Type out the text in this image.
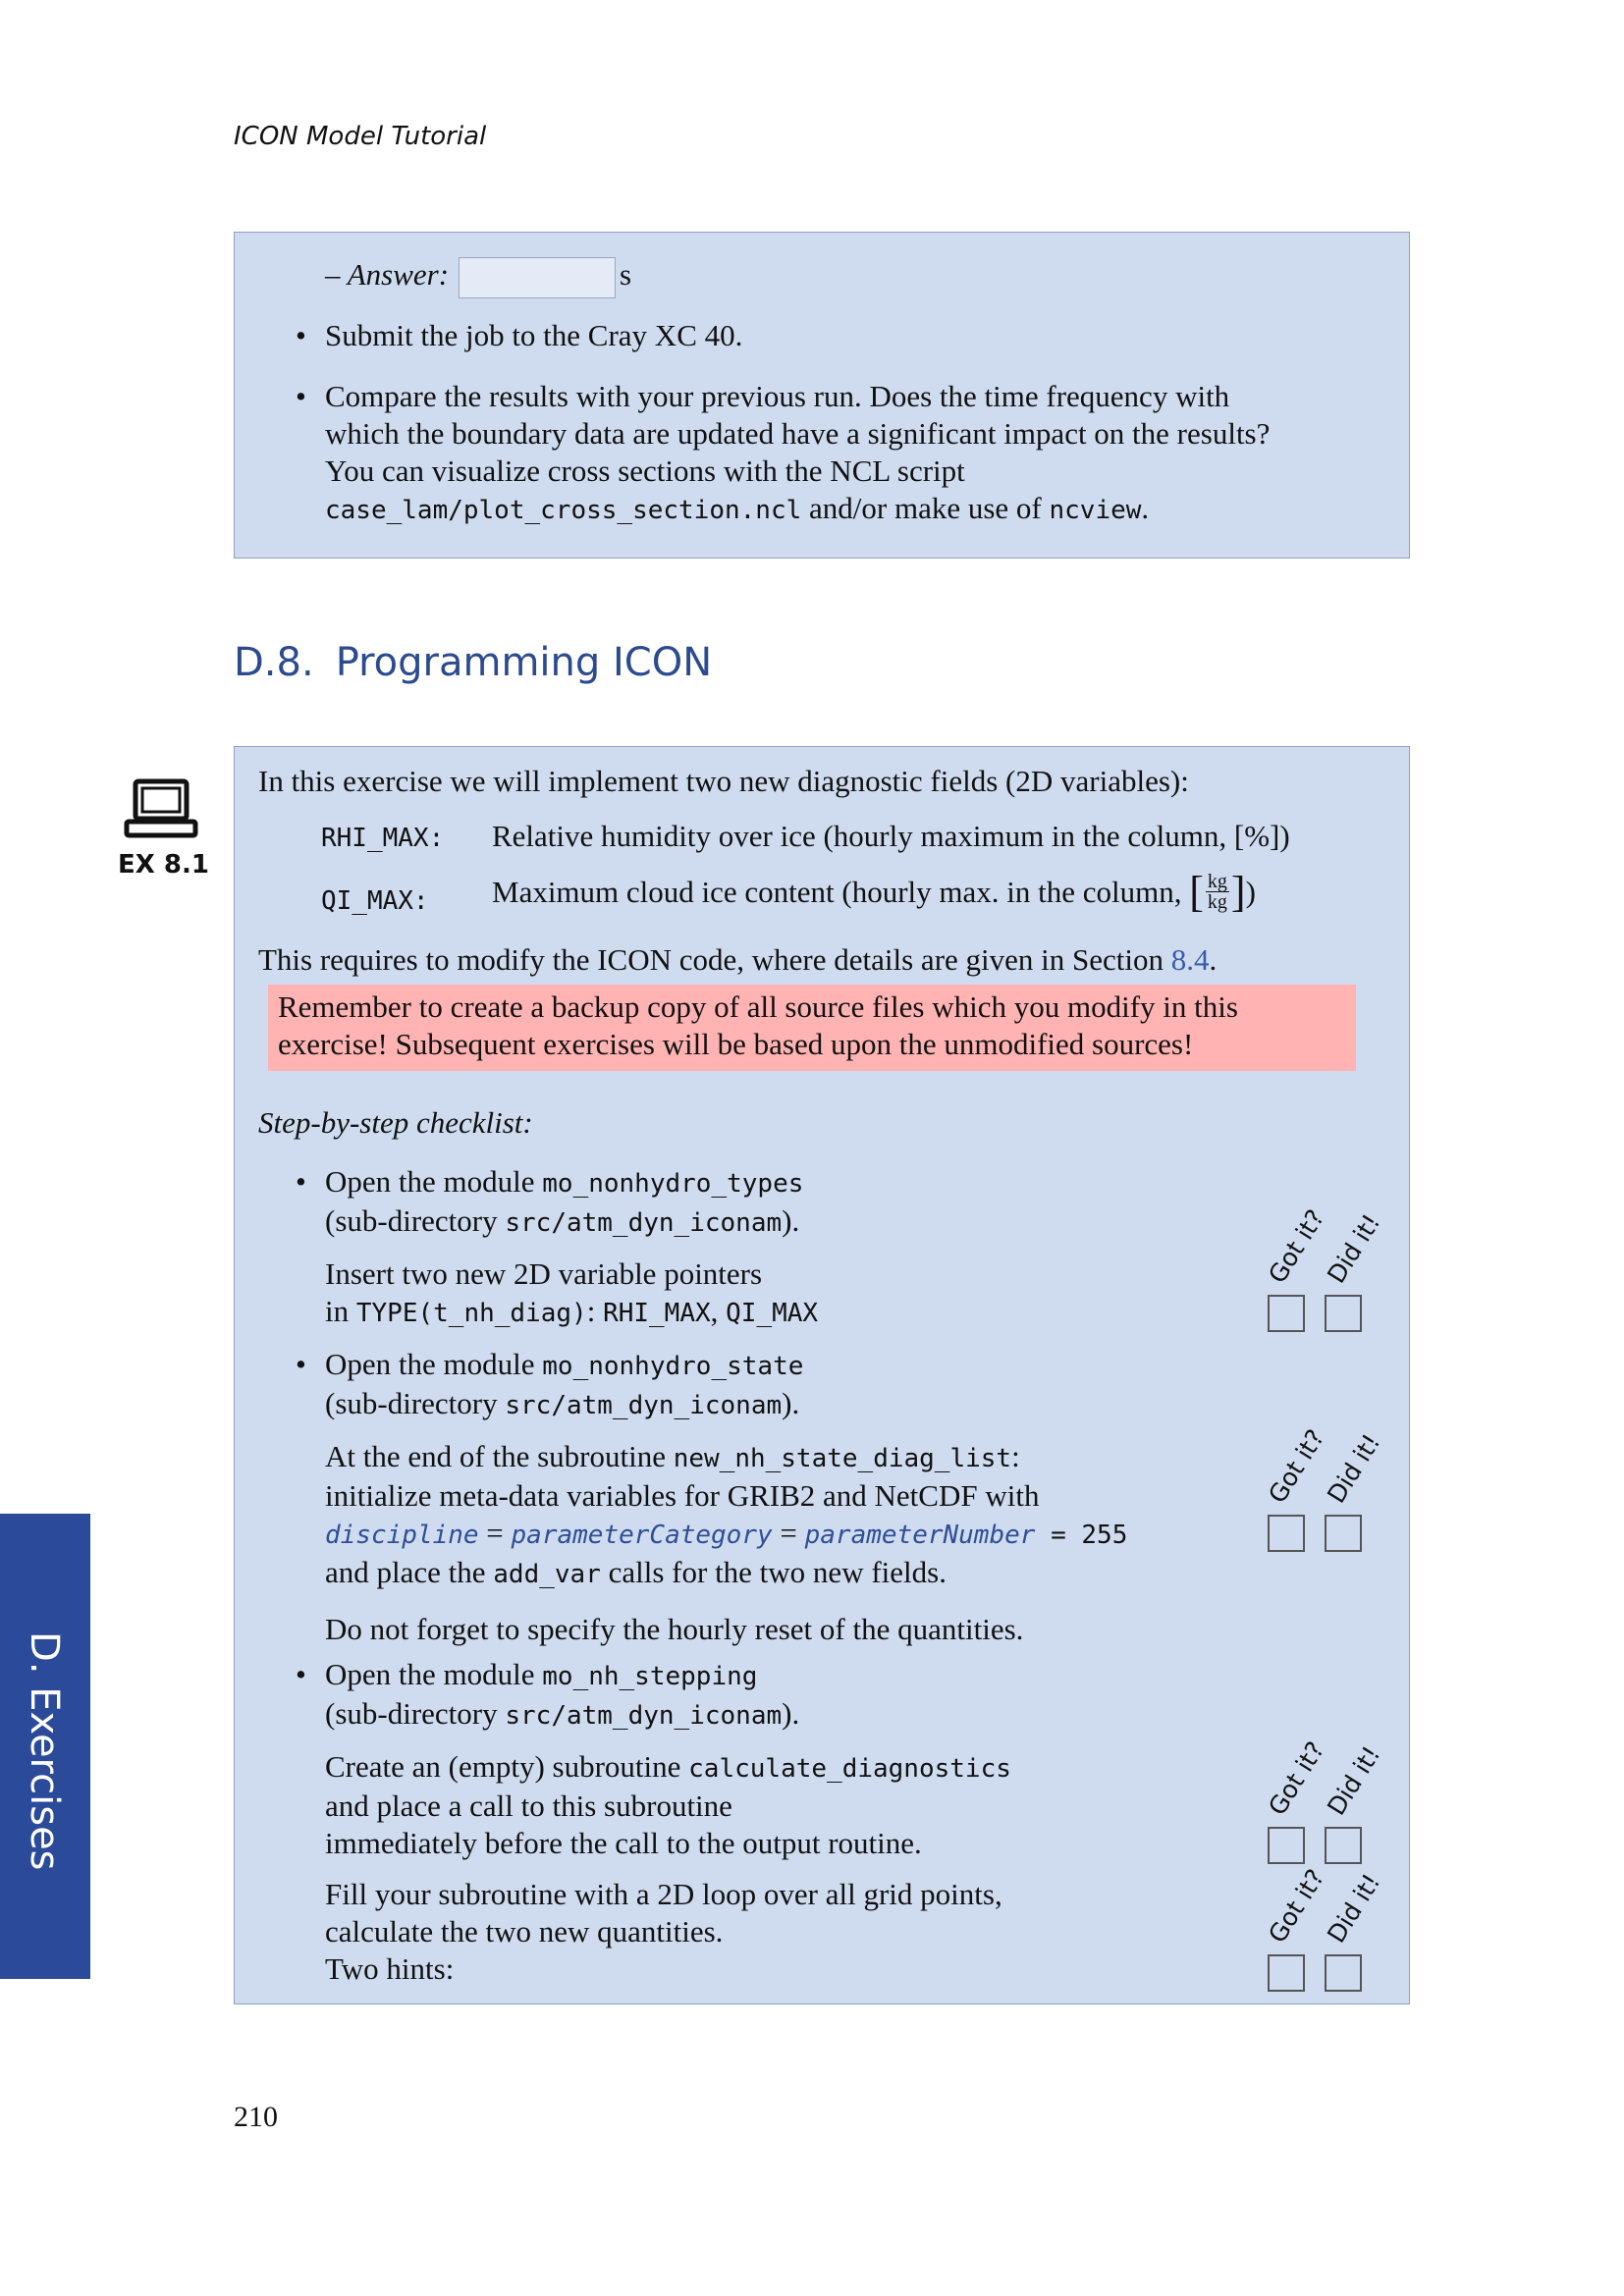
ICON Model Tutorial
– Answer:	s
• Submit the job to the Cray XC 40.
• Compare the results with your previous run. Does the time frequency with
which the boundary data are updated have a significant impact on the results?
You can visualize cross sections with the NCL script
case_lam/plot_cross_section.ncl and/or make use of ncview.
D.8. Programming ICON
EX 8.1
In this exercise we will implement two new diagnostic fields (2D variables):
RHI_MAX: Relative humidity over ice (hourly maximum in the column, [%])
QI_MAX: Maximum cloud ice content (hourly max. in the column, [ $\frac{kg}{kg}$])
This requires to modify the ICON code, where details are given in Section 8.4.
Remember to create a backup copy of all source files which you modify in this
exercise! Subsequent exercises will be based upon the unmodified sources!
Step-by-step checklist:
• Open the module mo_nonhydro_types
(sub-directory src/atm_dyn_iconam).
Insert two new 2D variable pointers
in TYPE(t_nh_diag): RHI_MAX, QI_MAX
• Open the module mo_nonhydro_state
(sub-directory src/atm_dyn_iconam).
At the end of the subroutine new_nh_state_diag_list:
initialize meta-data variables for GRIB2 and NetCDF with
discipline = parameterCategory = parameterNumber = 255
and place the add_var calls for the two new fields.
Do not forget to specify the hourly reset of the quantities.
• Open the module mo_nh_stepping
(sub-directory src/atm_dyn_iconam).
Create an (empty) subroutine calculate_diagnostics
and place a call to this subroutine
immediately before the call to the output routine.
Fill your subroutine with a 2D loop over all grid points,
calculate the two new quantities.
Two hints:
Got it?
Did it!
Got it?
Did it!
Got it?
Did it!
Got it?
Did it!
D. Exercises
210
